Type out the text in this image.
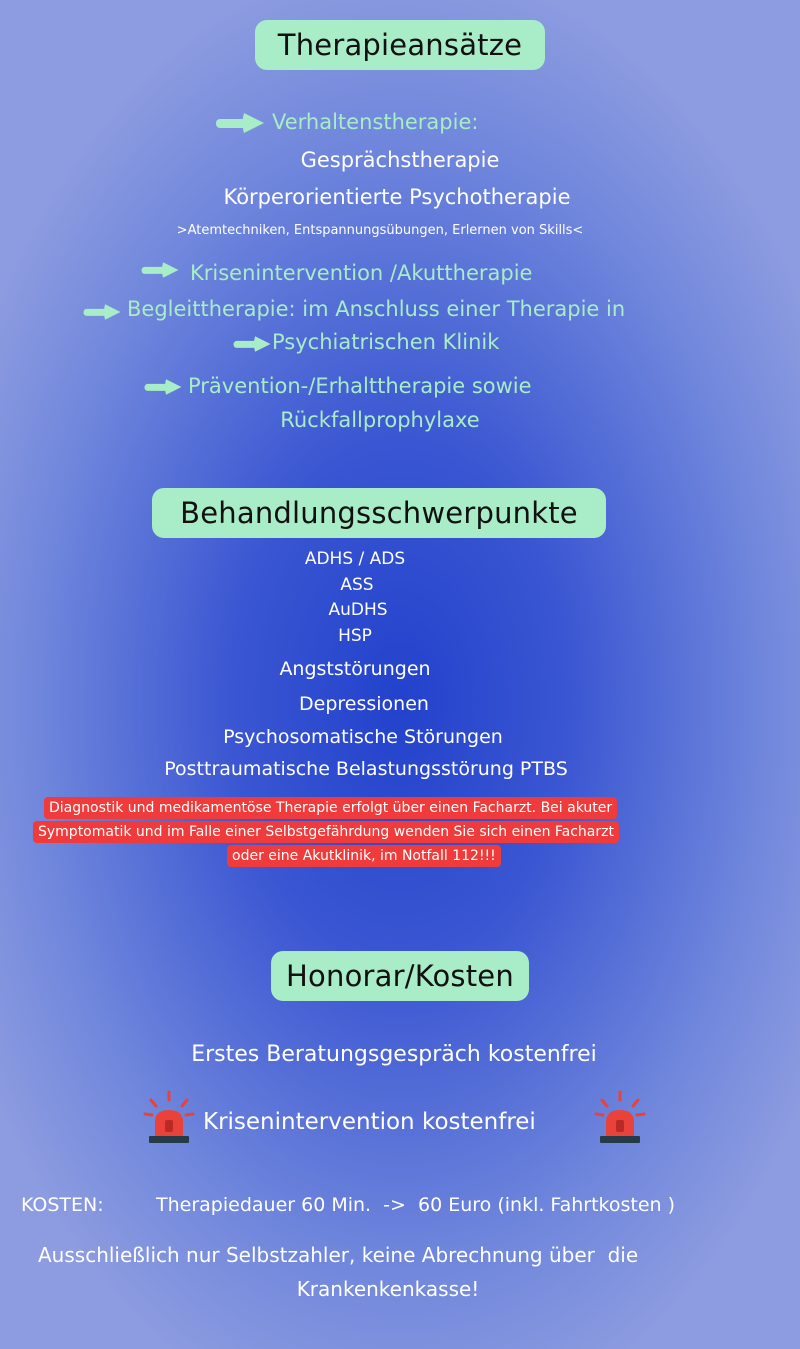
Therapieansätze
Verhaltenstherapie:
Gesprächstherapie
Körperorientierte Psychotherapie
>Atemtechniken, Entspannungsübungen, Erlernen von Skills<
Krisenintervention /Akuttherapie
Begleittherapie: im Anschluss einer Therapie in
Psychiatrischen Klinik
Prävention-/Erhalttherapie sowie
Rückfallprophylaxe
Behandlungsschwerpunkte
ADHS / ADS
ASS
AuDHS
HSP
Angststörungen
Depressionen
Psychosomatische Störungen
Posttraumatische Belastungsstörung PTBS
Diagnostik und medikamentöse Therapie erfolgt über einen Facharzt. Bei akuter
Symptomatik und im Falle einer Selbstgefährdung wenden Sie sich einen Facharzt
oder eine Akutklinik, im Notfall 112!!!
Honorar/Kosten
Erstes Beratungsgespräch kostenfrei
Krisenintervention kostenfrei
KOSTEN:	Therapiedauer 60 Min.  ->  60 Euro (inkl. Fahrtkosten )
Ausschließlich nur Selbstzahler, keine Abrechnung über  die
Krankenkenkasse!
